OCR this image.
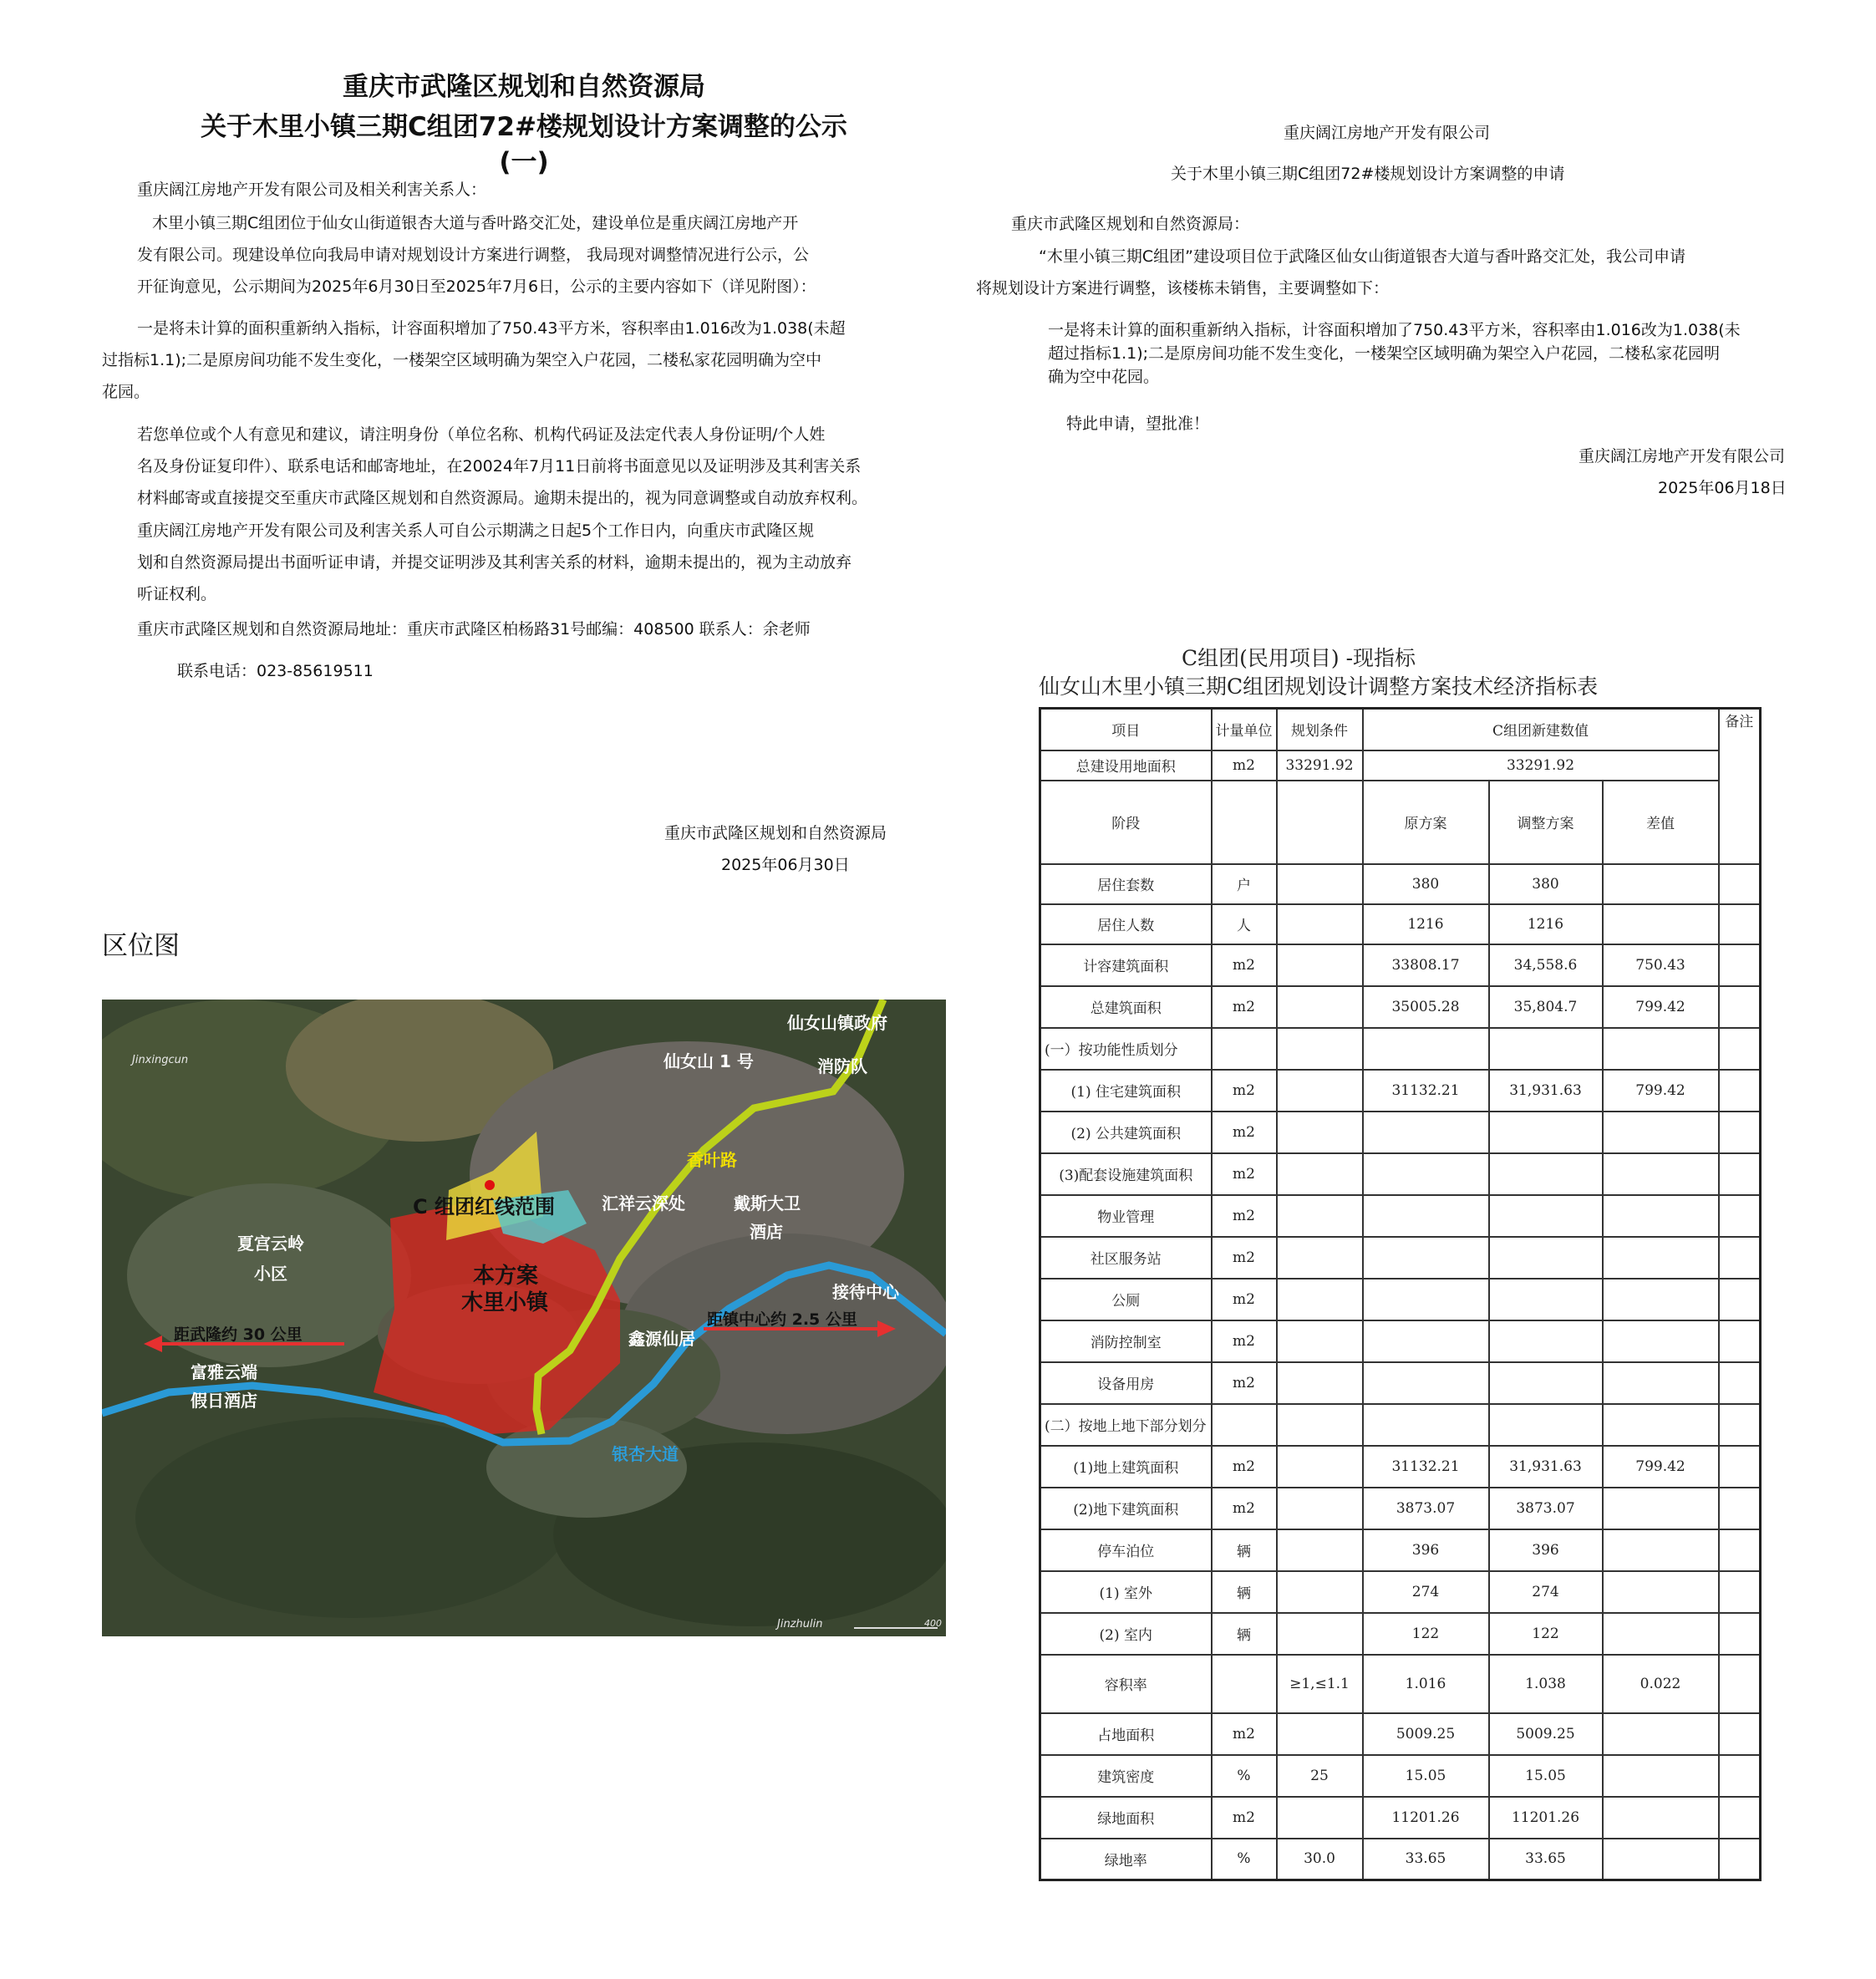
重庆市武隆区规划和自然资源局
关于木里小镇三期C组团72#楼规划设计方案调整的公示
(一)
重庆阔江房地产开发有限公司及相关利害关系人：
木里小镇三期C组团位于仙女山街道银杏大道与香叶路交汇处，建设单位是重庆阔江房地产开
发有限公司。现建设单位向我局申请对规划设计方案进行调整， 我局现对调整情况进行公示，公
开征询意见，公示期间为2025年6月30日至2025年7月6日，公示的主要内容如下（详见附图）：
一是将未计算的面积重新纳入指标，计容面积增加了750.43平方米，容积率由1.016改为1.038(未超
过指标1.1);二是原房间功能不发生变化，一楼架空区域明确为架空入户花园，二楼私家花园明确为空中
花园。
若您单位或个人有意见和建议，请注明身份（单位名称、机构代码证及法定代表人身份证明/个人姓
名及身份证复印件）、联系电话和邮寄地址，在20024年7月11日前将书面意见以及证明涉及其利害关系
材料邮寄或直接提交至重庆市武隆区规划和自然资源局。逾期未提出的，视为同意调整或自动放弃权利。
重庆阔江房地产开发有限公司及利害关系人可自公示期满之日起5个工作日内，向重庆市武隆区规
划和自然资源局提出书面听证申请，并提交证明涉及其利害关系的材料，逾期未提出的，视为主动放弃
听证权利。
重庆市武隆区规划和自然资源局地址：重庆市武隆区柏杨路31号邮编：408500 联系人：余老师
联系电话：023-85619511
重庆市武隆区规划和自然资源局
2025年06月30日
区位图
仙女山镇政府
消防队
仙女山 1 号
Jinxingcun
香叶路
C 组团红线范围	汇祥云深处	戴斯大卫
酒店
夏宫云岭
小区	本方案
木里小镇	接待中心
距武隆约 30 公里
距镇中心约 2.5 公里
鑫源仙居
富雅云端
假日酒店
银杏大道
Jinzhulin	400
重庆阔江房地产开发有限公司
关于木里小镇三期C组团72#楼规划设计方案调整的申请
重庆市武隆区规划和自然资源局：
“木里小镇三期C组团”建设项目位于武隆区仙女山街道银杏大道与香叶路交汇处，我公司申请
将规划设计方案进行调整，该楼栋未销售，主要调整如下：
一是将未计算的面积重新纳入指标，计容面积增加了750.43平方米，容积率由1.016改为1.038(未
超过指标1.1);二是原房间功能不发生变化，一楼架空区域明确为架空入户花园，二楼私家花园明
确为空中花园。
特此申请，望批准！
重庆阔江房地产开发有限公司
2025年06月18日
C组团(民用项目) -现指标
仙女山木里小镇三期C组团规划设计调整方案技术经济指标表
项目	计量单位	规划条件	C组团新建数值			备注
总建设用地面积	m2	33291.92	33291.92			
阶段			原方案	调整方案	差值	
居住套数	户		380	380		
居住人数	人		1216	1216		
计容建筑面积	m2		33808.17	34,558.6	750.43	
总建筑面积	m2		35005.28	35,804.7	799.42	
(一）按功能性质划分						
(1) 住宅建筑面积	m2		31132.21	31,931.63	799.42	
(2) 公共建筑面积	m2					
(3)配套设施建筑面积	m2					
物业管理	m2					
社区服务站	m2					
公厕	m2					
消防控制室	m2					
设备用房	m2					
(二）按地上地下部分划分						
(1)地上建筑面积	m2		31132.21	31,931.63	799.42	
(2)地下建筑面积	m2		3873.07	3873.07		
停车泊位	辆		396	396		
(1) 室外	辆		274	274		
(2) 室内	辆		122	122		
容积率		≥1,≤1.1	1.016	1.038	0.022	
占地面积	m2		5009.25	5009.25		
建筑密度	%	25	15.05	15.05		
绿地面积	m2		11201.26	11201.26		
绿地率	%	30.0	33.65	33.65		
